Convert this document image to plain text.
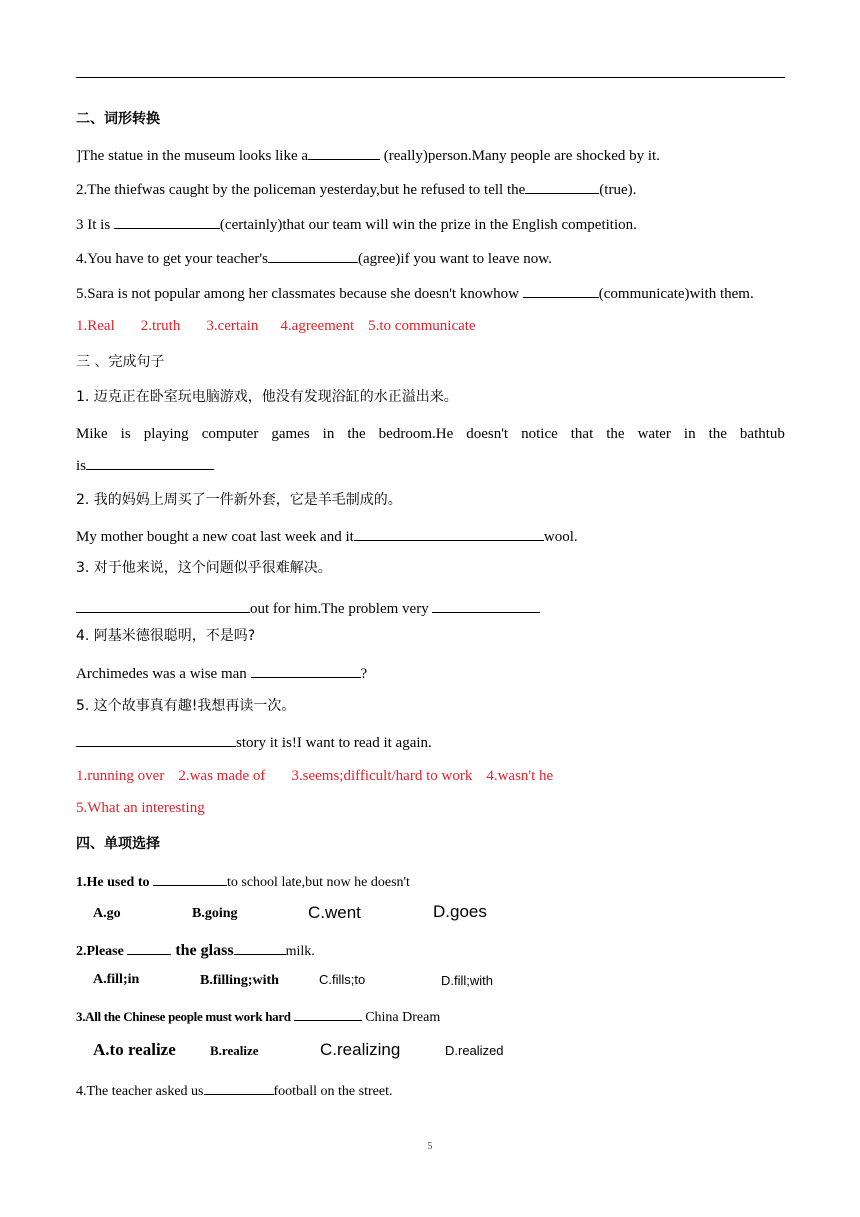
二、词形转换
]The statue in the museum looks like a	(really)person.Many people are shocked by it.
2.The thiefwas caught by the policeman yesterday,but he refused to tell the	(true).
3 It is	(certainly)that our team will win the prize in the English competition.
4.You have to get your teacher's	(agree)if you want to leave now.
5.Sara is not popular among her classmates because she doesn't knowhow	(communicate)with them.
1.Real 2.truth 3.certain 4.agreement 5.to communicate
三 、完成句子
1. 迈克正在卧室玩电脑游戏，他没有发现浴缸的水正溢出来。
Mike is playing computer games in the bedroom.He doesn't notice that the water in the bathtub
is
2. 我的妈妈上周买了一件新外套，它是羊毛制成的。
My mother bought a new coat last week and it	wool.
3. 对于他来说，这个问题似乎很难解决。
out for him.The problem very
4. 阿基米德很聪明，不是吗?
Archimedes was a wise man	?
5. 这个故事真有趣!我想再读一次。
story it is!I want to read it again.
1.running over 2.was made of 3.seems;difficult/hard to work 4.wasn't he
5.What an interesting
四、单项选择
1.He used to	to school late,but now he doesn't
A.go	B.going	C.went	D.goes
2.Please	the glass	milk.
A.fill;in	B.filling;with	C.fills;to	D.fill;with
3.All the Chinese people must work hard	China Dream
A.to realize	B.realize	C.realizing	D.realized
4.The teacher asked us	football on the street.
5
